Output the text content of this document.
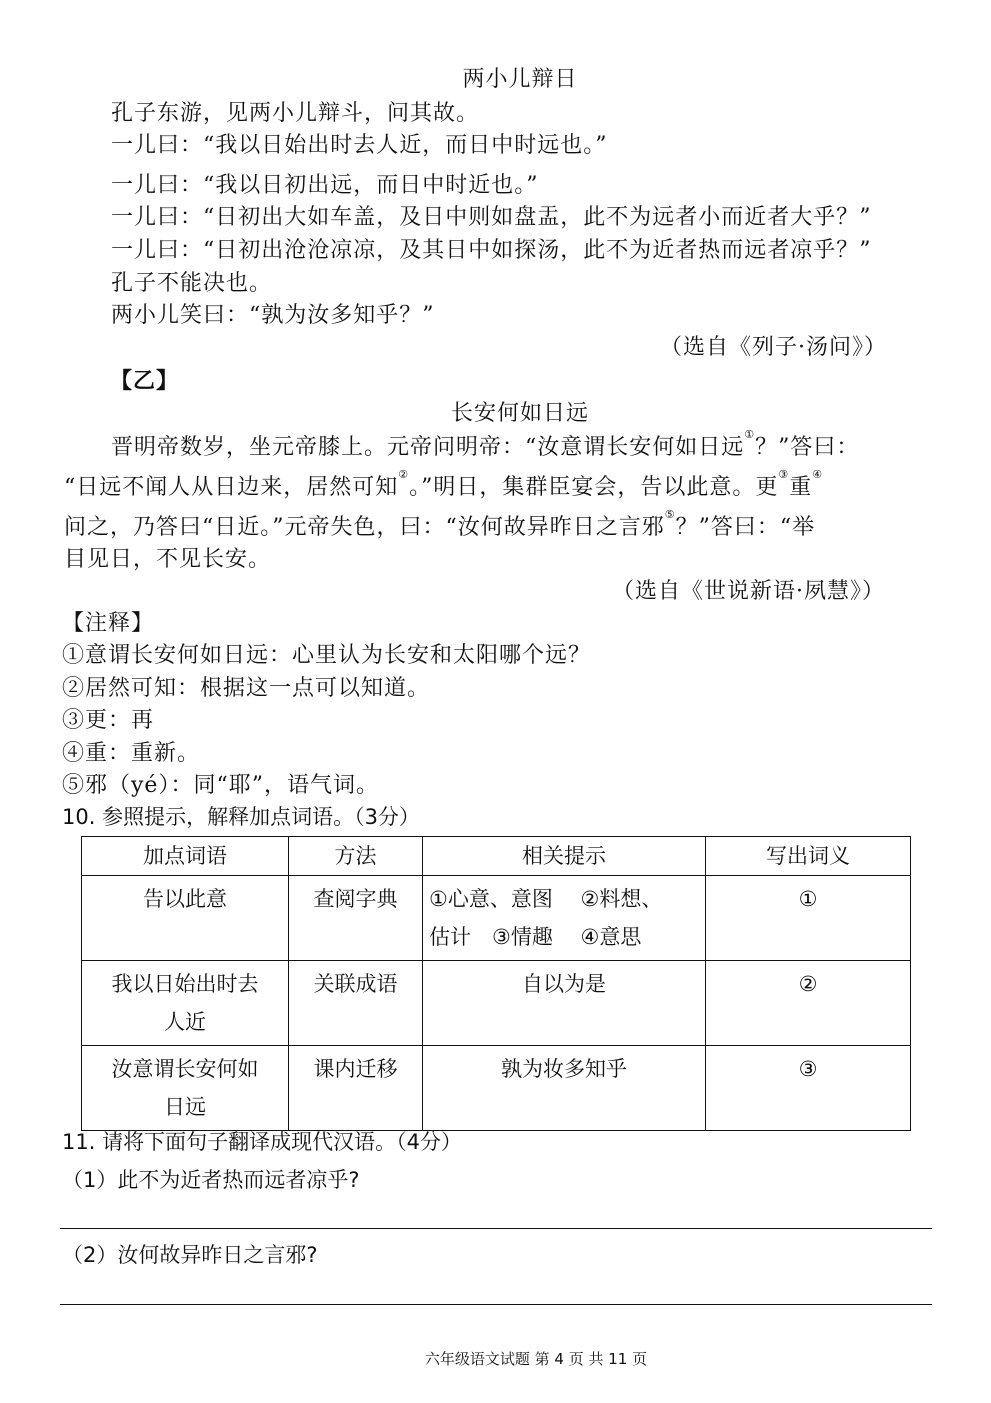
两小儿辩日
孔子东游，见两小儿辩斗，问其故。
一儿曰：“我以日始出时去人近，而日中时远也。”
一儿曰：“我以日初出远，而日中时近也。”
一儿曰：“日初出大如车盖，及日中则如盘盂，此不为远者小而近者大乎？”
一儿曰：“日初出沧沧凉凉，及其日中如探汤，此不为近者热而远者凉乎？”
孔子不能决也。
两小儿笑曰：“孰为汝多知乎？”
（选自《列子·汤问》）
【乙】
长安何如日远
晋明帝数岁，坐元帝膝上。元帝问明帝：“汝意谓长安何如日远①？”答曰：
“日远不闻人从日边来，居然可知②。”明日，集群臣宴会，告以此意。更③重④
问之，乃答曰“日近。”元帝失色，曰：“汝何故异昨日之言邪⑤？”答曰：“举
目见日，不见长安。
（选自《世说新语·夙慧》）
【注释】
①意谓长安何如日远：心里认为长安和太阳哪个远？
②居然可知：根据这一点可以知道。
③更：再
④重：重新。
⑤邪（yé）：同“耶”，语气词。
10. 参照提示，解释加点词语。（3分）
加点词语	方法	相关提示	写出词义
告以此意	查阅字典	①心意、意图　 ②料想、
估计　③情趣　 ④意思	①

我以日始出时去
人近	关联成语	自以为是	②

汝意谓长安何如
日远	课内迁移	孰为妆多知乎	③
11. 请将下面句子翻译成现代汉语。（4分）
（1）此不为近者热而远者凉乎?
（2）汝何故异昨日之言邪?
六年级语文试题 第 4 页 共 11 页
